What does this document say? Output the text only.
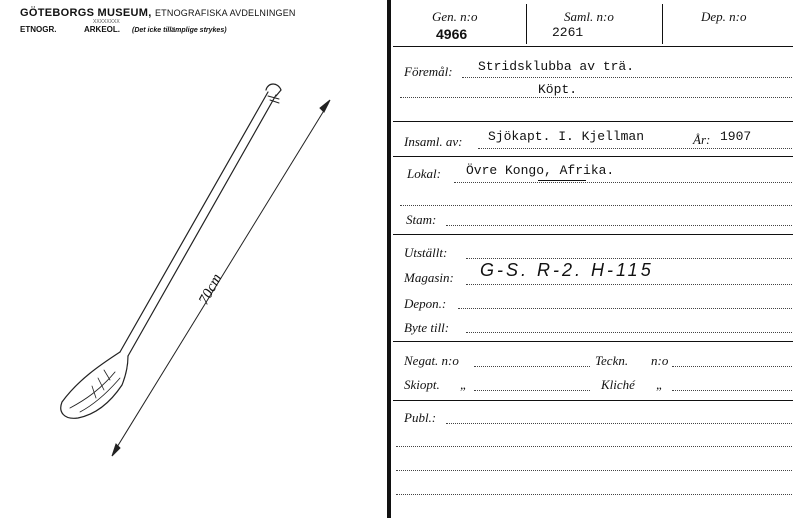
GÖTEBORGS MUSEUM, ETNOGRAFISKA AVDELNINGEN
XXXXXXXX
ETNOGR.	ARKEOL. (Det icke tillämplige strykes)
70cm
Gen. n:o
4966
Saml. n:o
2261
Dep. n:o
Föremål: Stridsklubba av trä.
Köpt.
Insaml. av: Sjökapt. I. Kjellman	År: 1907
Lokal: Övre Kongo, Afrika.
Stam:
Utställt:
Magasin: G-S. R-2. H-115
Depon.:
Byte till:
Negat. n:o	Teckn. n:o
Skiopt. „	Kliché „
Publ.:
